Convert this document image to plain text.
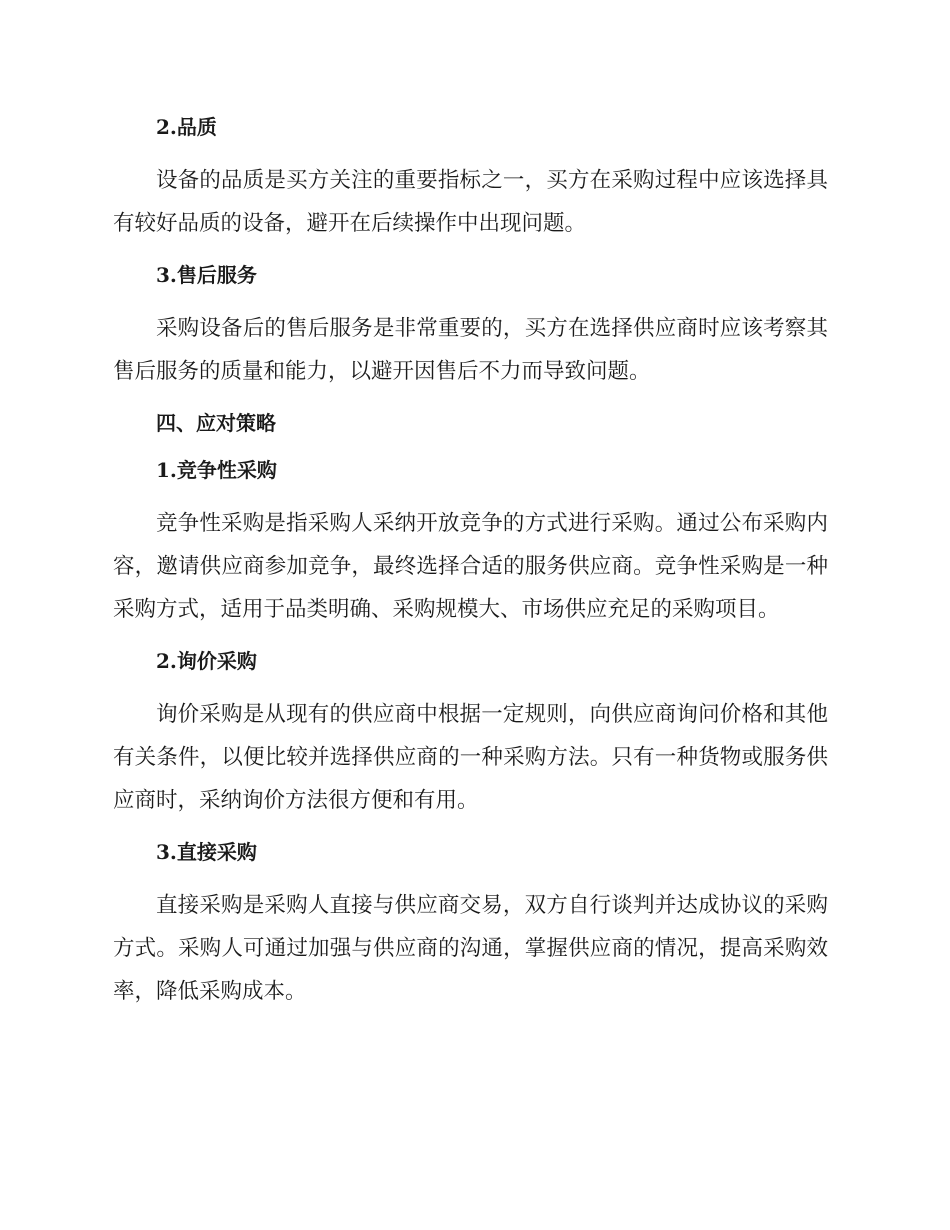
2.品质

设备的品质是买方关注的重要指标之一，买方在采购过程中应该选择具有较好品质的设备，避开在后续操作中出现问题。

3.售后服务

采购设备后的售后服务是非常重要的，买方在选择供应商时应该考察其售后服务的质量和能力，以避开因售后不力而导致问题。

四、应对策略
1.竞争性采购

竞争性采购是指采购人采纳开放竞争的方式进行采购。通过公布采购内容，邀请供应商参加竞争，最终选择合适的服务供应商。竞争性采购是一种采购方式，适用于品类明确、采购规模大、市场供应充足的采购项目。

2.询价采购

询价采购是从现有的供应商中根据一定规则，向供应商询问价格和其他有关条件，以便比较并选择供应商的一种采购方法。只有一种货物或服务供应商时，采纳询价方法很方便和有用。

3.直接采购

直接采购是采购人直接与供应商交易，双方自行谈判并达成协议的采购方式。采购人可通过加强与供应商的沟通，掌握供应商的情况，提高采购效率，降低采购成本。
